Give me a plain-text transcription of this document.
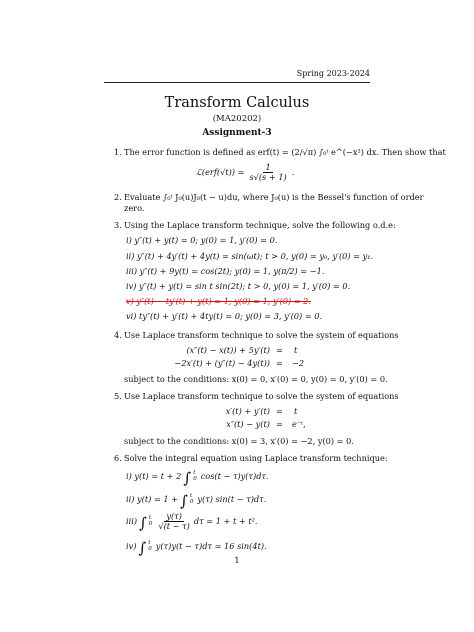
Spring 2023-2024
Transform Calculus
(MA20202)
Assignment-3
1. The error function is defined as erf(t) = (2/√π) ∫₀ᵗ e^(−x²) dx. Then show that
ℒ(erf(√t)) = $\frac{1}{s√(s + 1)}$ .
2. Evaluate ∫₀ᵗ J₀(u)J₀(t − u)du, where J₀(u) is the Bessel's function of order
zero.
3. Using the Laplace transform technique, solve the following o.d.e:
i) y″(t) + y(t) = 0; y(0) = 1, y′(0) = 0.
ii) y″(t) + 4y′(t) + 4y(t) = sin(ωt); t > 0, y(0) = y₀, y′(0) = y₁.
iii) y″(t) + 9y(t) = cos(2t); y(0) = 1, y(π/2) = −1.
iv) y″(t) + y(t) = sin t sin(2t); t > 0, y(0) = 1, y′(0) = 0.
v) y″(t) − ty′(t) + y(t) = 1; y(0) = 1, y′(0) = 2.
vi) ty″(t) + y′(t) + 4ty(t) = 0; y(0) = 3, y′(0) = 0.
4. Use Laplace transform technique to solve the system of equations
(x″(t) − x(t)) + 5y′(t) = t
−2x′(t) + (y″(t) − 4y(t)) = −2
subject to the conditions: x(0) = 0, x′(0) = 0, y(0) = 0, y′(0) = 0.
5. Use Laplace transform technique to solve the system of equations
x′(t) + y′(t) = t
x″(t) − y(t) = e⁻ᵗ,
subject to the conditions: x(0) = 3, x′(0) = −2, y(0) = 0.
6. Solve the integral equation using Laplace transform technique:
i) y(t) = t + 2 ∫ t
0 cos(t − τ)y(τ)dτ.
ii) y(t) = 1 + ∫ t
0 y(τ) sin(t − τ)dτ.
iii) ∫ t
$0 \frac{y(\tau)}{√(t - \tau)}$ dτ = 1 + t + t².
iv) ∫ t
0 y(τ)y(t − τ)dτ = 16 sin(4t).
1
